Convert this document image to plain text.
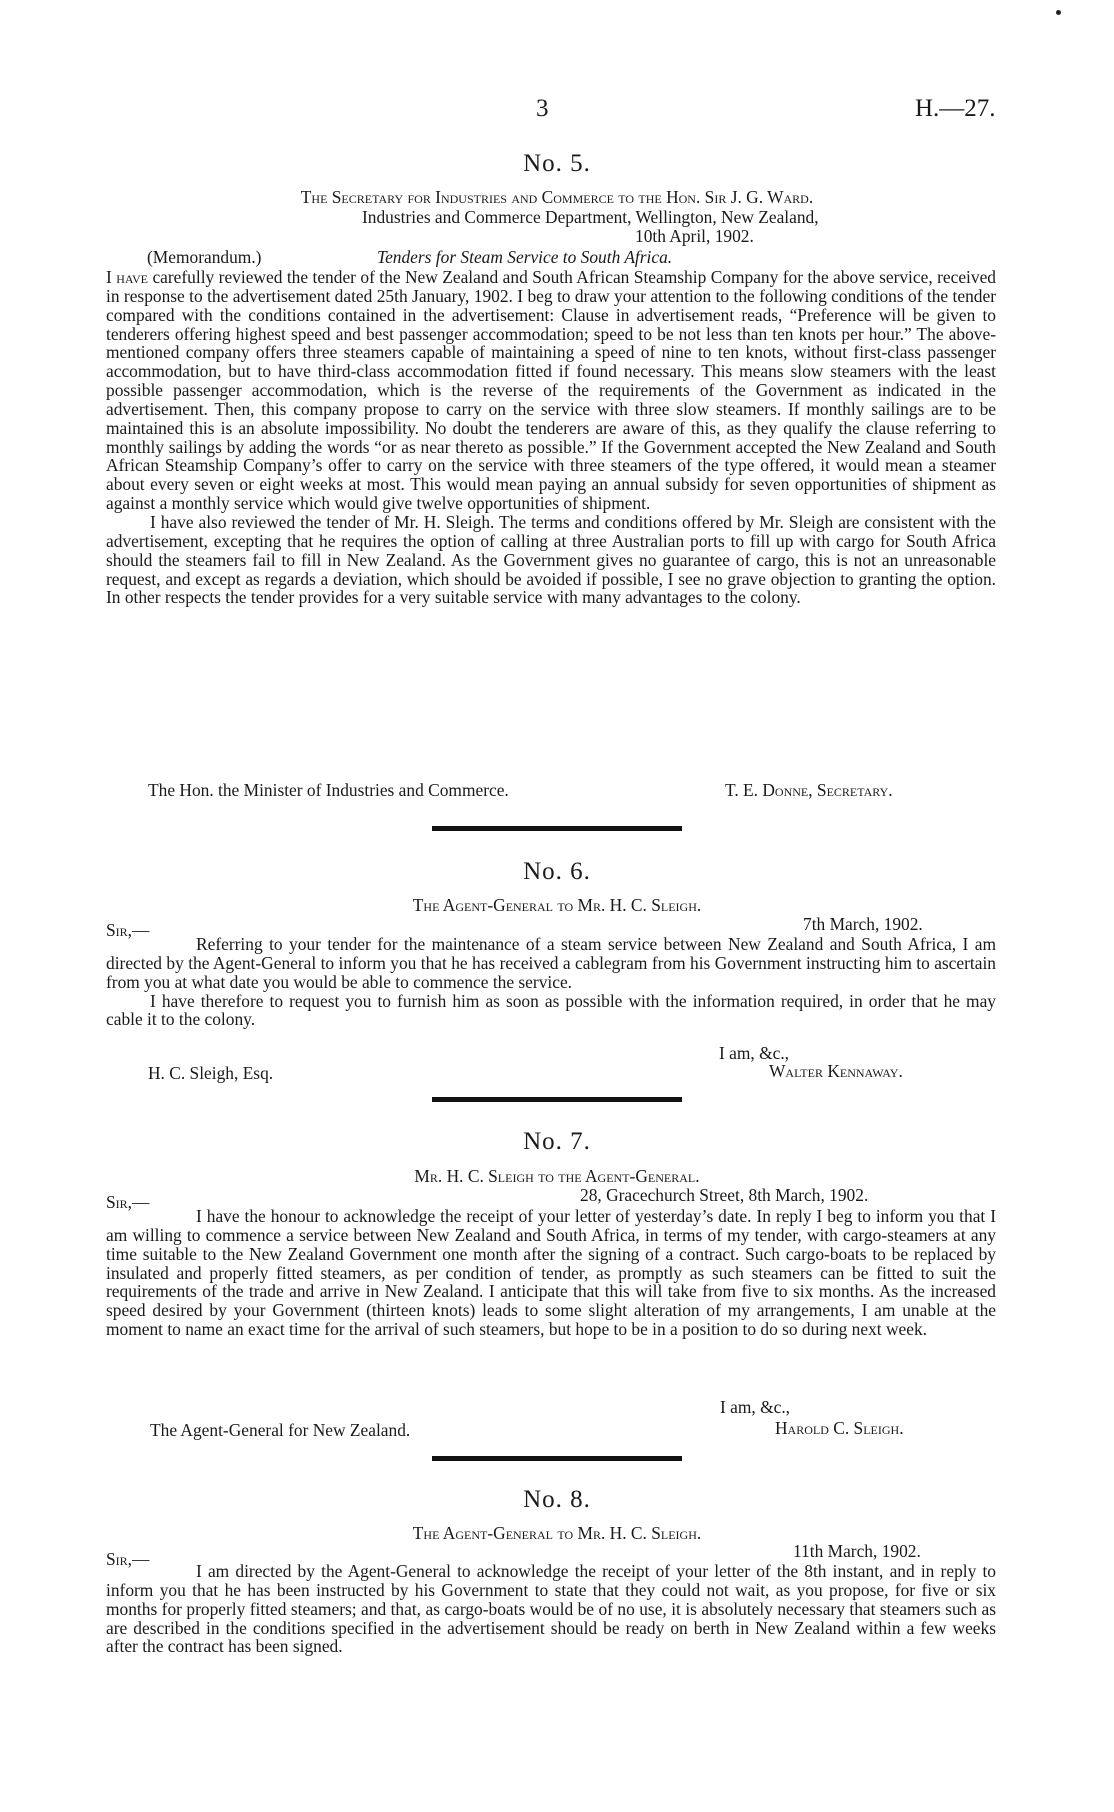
3	H.—27.
No. 5.
The Secretary for Industries and Commerce to the Hon. Sir J. G. Ward.
Industries and Commerce Department, Wellington, New Zealand,
10th April, 1902.
(Memorandum.)	Tenders for Steam Service to South Africa.

I have carefully reviewed the tender of the New Zealand and South African Steamship Company for the above service, received in response to the advertisement dated 25th January, 1902. I beg to draw your attention to the following conditions of the tender compared with the conditions contained in the advertisement: Clause in advertisement reads, “Preference will be given to tenderers offering highest speed and best passenger accommodation; speed to be not less than ten knots per hour.” The above-mentioned company offers three steamers capable of maintaining a speed of nine to ten knots, without first-class passenger accommodation, but to have third-class accommodation fitted if found necessary. This means slow steamers with the least possible passenger accommodation, which is the reverse of the requirements of the Government as indicated in the advertisement. Then, this company propose to carry on the service with three slow steamers. If monthly sailings are to be maintained this is an absolute impossibility. No doubt the tenderers are aware of this, as they qualify the clause referring to monthly sailings by adding the words “or as near thereto as possible.” If the Government accepted the New Zealand and South African Steamship Company’s offer to carry on the service with three steamers of the type offered, it would mean a steamer about every seven or eight weeks at most. This would mean paying an annual subsidy for seven opportunities of shipment as against a monthly service which would give twelve opportunities of shipment.

I have also reviewed the tender of Mr. H. Sleigh. The terms and conditions offered by Mr. Sleigh are consistent with the advertisement, excepting that he requires the option of calling at three Australian ports to fill up with cargo for South Africa should the steamers fail to fill in New Zealand. As the Government gives no guarantee of cargo, this is not an unreasonable request, and except as regards a deviation, which should be avoided if possible, I see no grave objection to granting the option. In other respects the tender provides for a very suitable service with many advantages to the colony.

The Hon. the Minister of Industries and Commerce.	T. E. Donne, Secretary.
No. 6.
The Agent-General to Mr. H. C. Sleigh.
Sir,—	7th March, 1902.

Referring to your tender for the maintenance of a steam service between New Zealand and South Africa, I am directed by the Agent-General to inform you that he has received a cablegram from his Government instructing him to ascertain from you at what date you would be able to commence the service.

I have therefore to request you to furnish him as soon as possible with the information required, in order that he may cable it to the colony.

I am, &c.,
H. C. Sleigh, Esq.	Walter Kennaway.
No. 7.
Mr. H. C. Sleigh to the Agent-General.
Sir,—	28, Gracechurch Street, 8th March, 1902.

I have the honour to acknowledge the receipt of your letter of yesterday’s date. In reply I beg to inform you that I am willing to commence a service between New Zealand and South Africa, in terms of my tender, with cargo-steamers at any time suitable to the New Zealand Government one month after the signing of a contract. Such cargo-boats to be replaced by insulated and properly fitted steamers, as per condition of tender, as promptly as such steamers can be fitted to suit the requirements of the trade and arrive in New Zealand. I anticipate that this will take from five to six months. As the increased speed desired by your Government (thirteen knots) leads to some slight alteration of my arrangements, I am unable at the moment to name an exact time for the arrival of such steamers, but hope to be in a position to do so during next week.

I am, &c.,
The Agent-General for New Zealand.	Harold C. Sleigh.
No. 8.
The Agent-General to Mr. H. C. Sleigh.
Sir,—	11th March, 1902.

I am directed by the Agent-General to acknowledge the receipt of your letter of the 8th instant, and in reply to inform you that he has been instructed by his Government to state that they could not wait, as you propose, for five or six months for properly fitted steamers; and that, as cargo-boats would be of no use, it is absolutely necessary that steamers such as are described in the conditions specified in the advertisement should be ready on berth in New Zealand within a few weeks after the contract has been signed.
